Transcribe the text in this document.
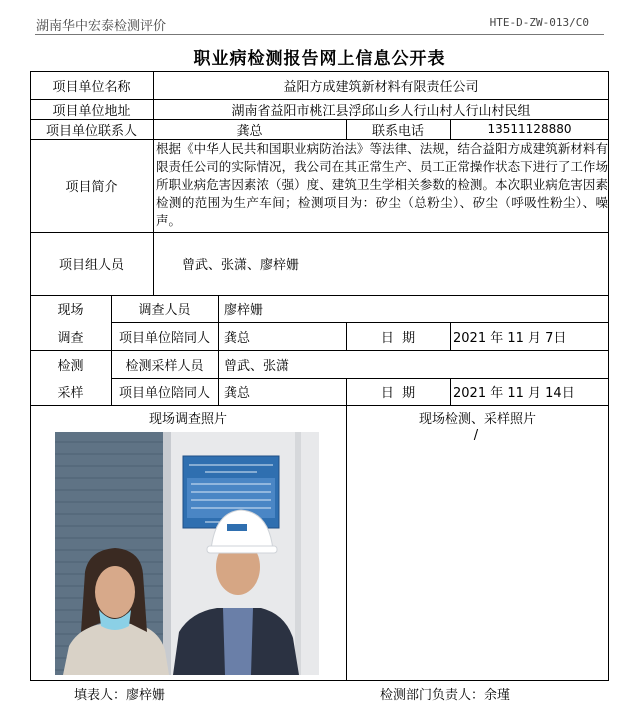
湖南华中宏泰检测评价	HTE-D-ZW-013/C0
职业病检测报告网上信息公开表
项目单位名称	益阳方成建筑新材料有限责任公司
项目单位地址	湖南省益阳市桃江县浮邱山乡人行山村人行山村民组
项目单位联系人	龚总	联系电话	13511128880
项目简介
根据《中华人民共和国职业病防治法》等法律、法规，结合益阳方成建筑新材料有限责任公司的实际情况，我公司在其正常生产、员工正常操作状态下进行了工作场所职业病危害因素浓（强）度、建筑卫生学相关参数的检测。本次职业病危害因素检测的范围为生产车间；检测项目为：矽尘（总粉尘）、矽尘（呼吸性粉尘）、噪声。
项目组人员	曾武、张潇、廖梓姗
现场
调查
调查人员	廖梓姗
项目单位陪同人	龚总	日  期	2021 年 11 月 7日
检测
采样
检测采样人员	曾武、张潇
项目单位陪同人	龚总	日  期	2021 年 11 月 14日
现场调查照片	现场检测、采样照片
/
填表人：廖梓姗	检测部门负责人：余瑾
